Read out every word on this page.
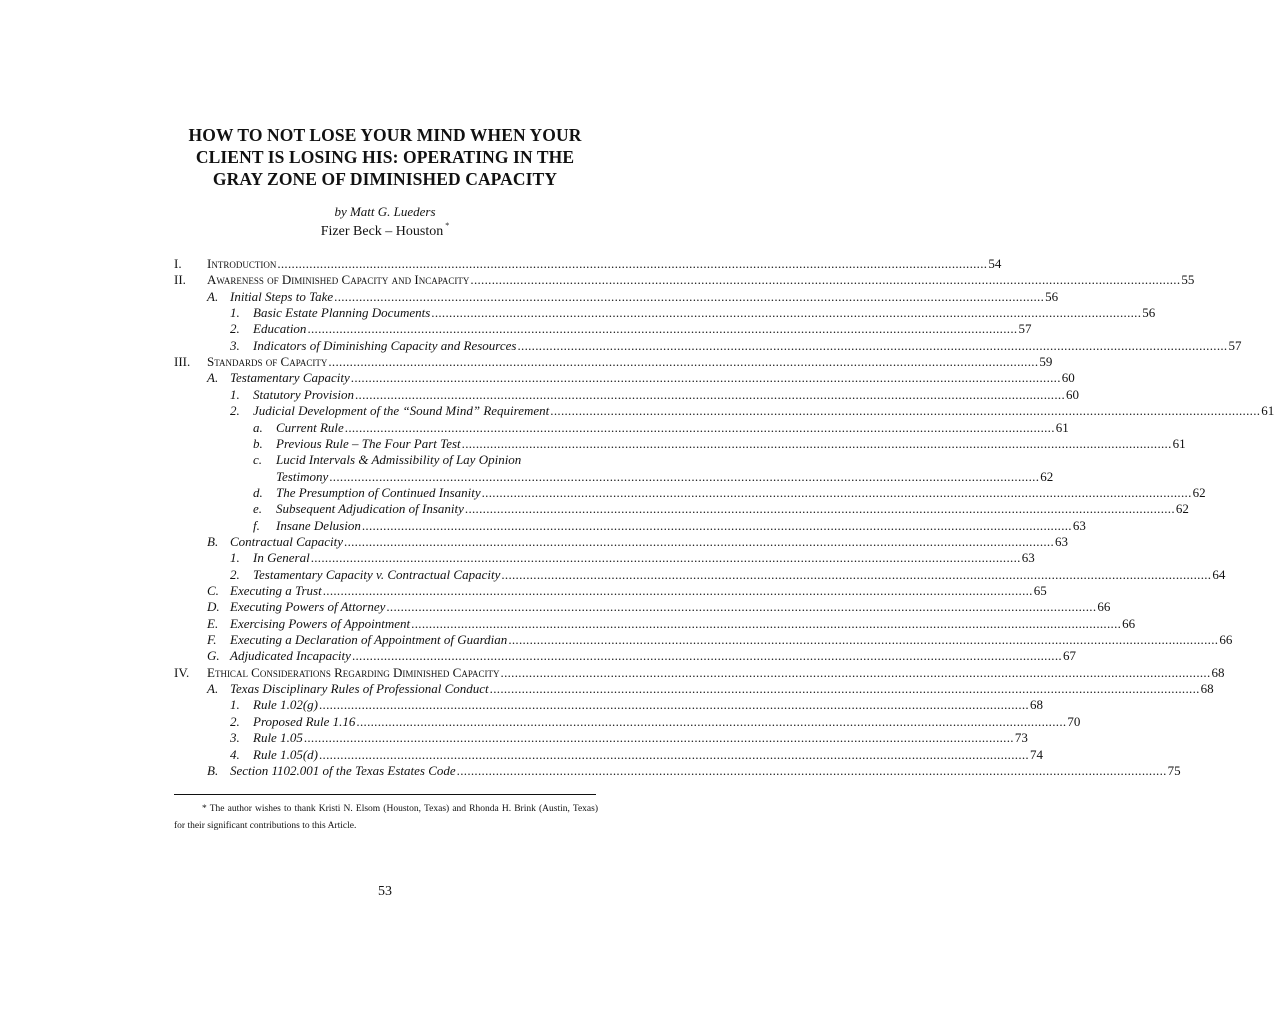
HOW TO NOT LOSE YOUR MIND WHEN YOUR
CLIENT IS LOSING HIS: OPERATING IN THE
GRAY ZONE OF DIMINISHED CAPACITY
by Matt G. Lueders
Fizer Beck – Houston *
I. Introduction ........................................................................................................................................................................................................ 54
II. Awareness of Diminished Capacity and Incapacity ........................................................................................................................................................................................................ 55
A. Initial Steps to Take ........................................................................................................................................................................................................ 56
1. Basic Estate Planning Documents ........................................................................................................................................................................................................ 56
2. Education ........................................................................................................................................................................................................ 57
3. Indicators of Diminishing Capacity and Resources ........................................................................................................................................................................................................ 57
III. Standards of Capacity ........................................................................................................................................................................................................ 59
A. Testamentary Capacity ........................................................................................................................................................................................................ 60
1. Statutory Provision ........................................................................................................................................................................................................ 60
2. Judicial Development of the “Sound Mind” Requirement ........................................................................................................................................................................................................ 61
a. Current Rule ........................................................................................................................................................................................................ 61
b. Previous Rule – The Four Part Test ........................................................................................................................................................................................................ 61
c. Lucid Intervals & Admissibility of Lay Opinion
Testimony ........................................................................................................................................................................................................ 62
d. The Presumption of Continued Insanity ........................................................................................................................................................................................................ 62
e. Subsequent Adjudication of Insanity ........................................................................................................................................................................................................ 62
f. Insane Delusion ........................................................................................................................................................................................................ 63
B. Contractual Capacity ........................................................................................................................................................................................................ 63
1. In General ........................................................................................................................................................................................................ 63
2. Testamentary Capacity v. Contractual Capacity ........................................................................................................................................................................................................ 64
C. Executing a Trust ........................................................................................................................................................................................................ 65
D. Executing Powers of Attorney ........................................................................................................................................................................................................ 66
E. Exercising Powers of Appointment ........................................................................................................................................................................................................ 66
F. Executing a Declaration of Appointment of Guardian ........................................................................................................................................................................................................ 66
G. Adjudicated Incapacity ........................................................................................................................................................................................................ 67
IV. Ethical Considerations Regarding Diminished Capacity ........................................................................................................................................................................................................ 68
A. Texas Disciplinary Rules of Professional Conduct ........................................................................................................................................................................................................ 68
1. Rule 1.02(g) ........................................................................................................................................................................................................ 68
2. Proposed Rule 1.16 ........................................................................................................................................................................................................ 70
3. Rule 1.05 ........................................................................................................................................................................................................ 73
4. Rule 1.05(d) ........................................................................................................................................................................................................ 74
B. Section 1102.001 of the Texas Estates Code ........................................................................................................................................................................................................ 75
* The author wishes to thank Kristi N. Elsom (Houston, Texas) and Rhonda H. Brink (Austin, Texas) for their significant contributions to this Article.
53
